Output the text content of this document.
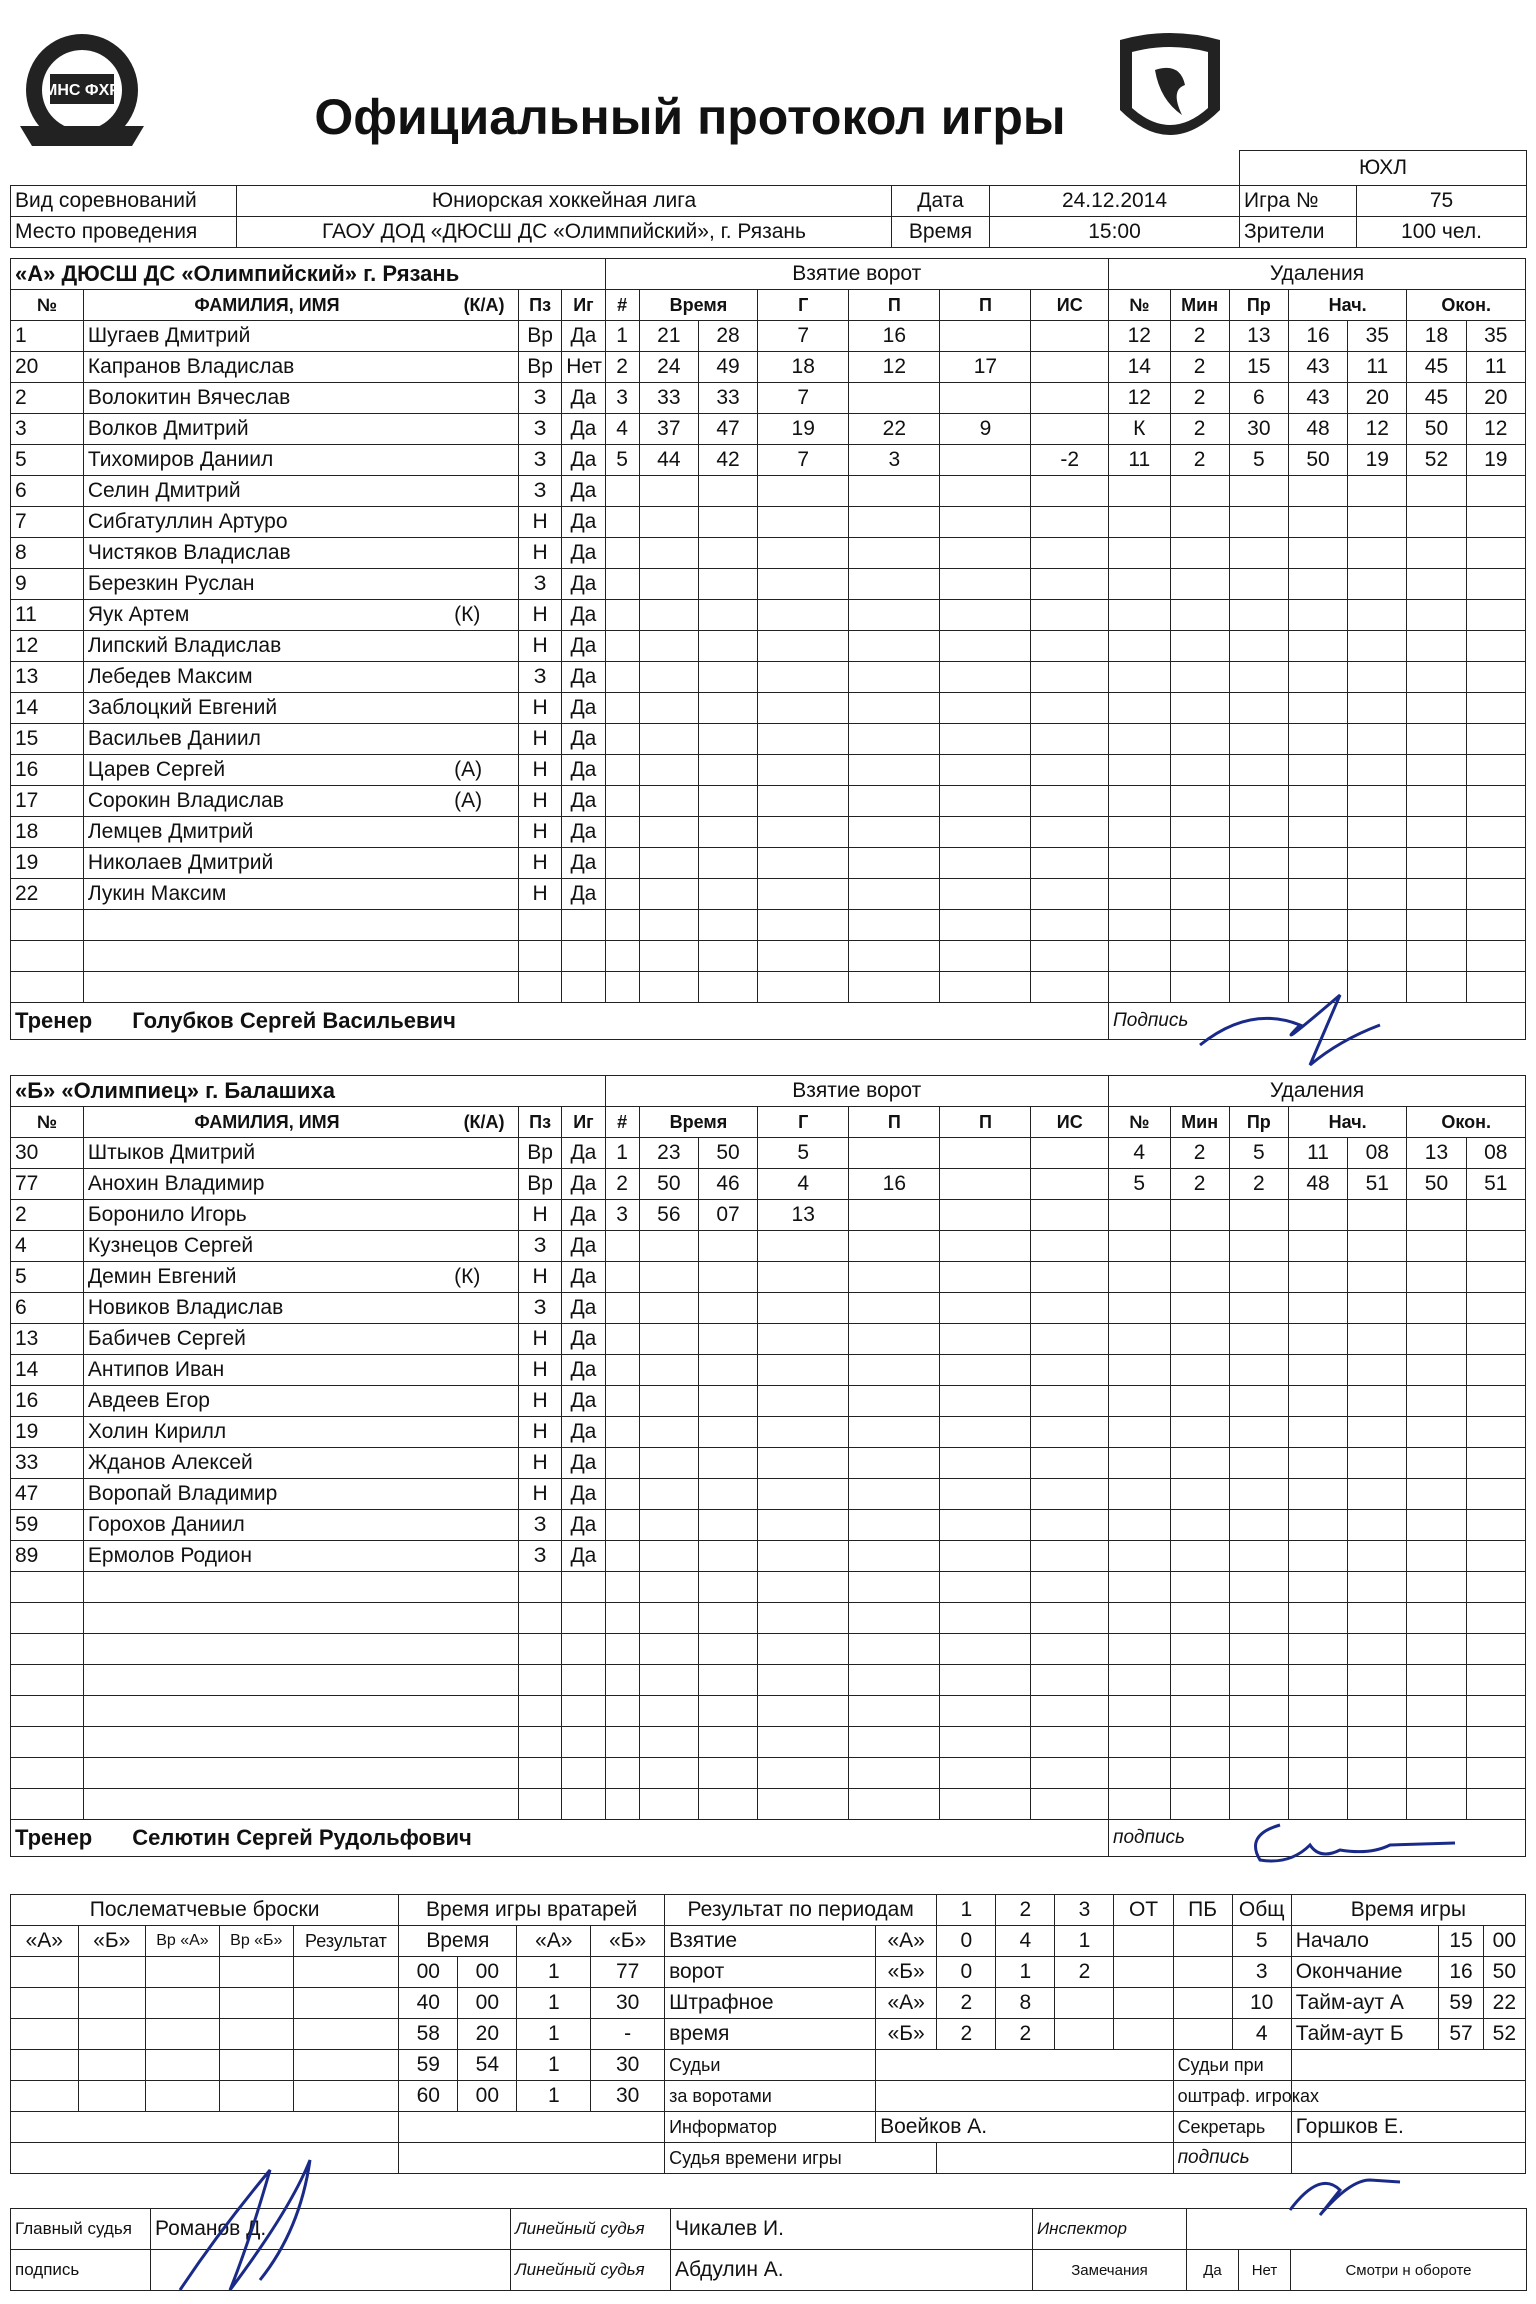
МНС ФХР	Официальный протокол игры
				ЮХЛ	
Вид соревнований	Юниорская хоккейная лига	Дата	24.12.2014	Игра №	75
Место проведения	ГАОУ ДОД «ДЮСШ ДС «Олимпийский», г. Рязань	Время	15:00	Зрители	100 чел.
«А» ДЮСШ ДС «Олимпийский» г. Рязань					Взятие ворот							Удаления						
№	ФАМИЛИЯ, ИМЯ	(К/А)	Пз	Иг	#	Время		Г	П	П	ИС	№	Мин	Пр	Нач.		Окон.	
1	Шугаев Дмитрий		Вр	Да	1	21	28	7	16			12	2	13	16	35	18	35
20	Капранов Владислав		Вр	Нет	2	24	49	18	12	17		14	2	15	43	11	45	11
2	Волокитин Вячеслав		З	Да	3	33	33	7				12	2	6	43	20	45	20
3	Волков Дмитрий		З	Да	4	37	47	19	22	9		К	2	30	48	12	50	12
5	Тихомиров Даниил		З	Да	5	44	42	7	3		-2	11	2	5	50	19	52	19
6	Селин Дмитрий		З	Да														
7	Сибгатуллин Артуро		Н	Да														
8	Чистяков Владислав		Н	Да														
9	Березкин Руслан		З	Да														
11	Яук Артем	(К)	Н	Да														
12	Липский Владислав		Н	Да														
13	Лебедев Максим		З	Да														
14	Заблоцкий Евгений		Н	Да														
15	Васильев Даниил		Н	Да														
16	Царев Сергей	(А)	Н	Да														
17	Сорокин Владислав	(А)	Н	Да														
18	Лемцев Дмитрий		Н	Да														
19	Николаев Дмитрий		Н	Да														
22	Лукин Максим		Н	Да														

Тренер Голубков Сергей Васильевич												Подпись						
«Б» «Олимпиец» г. Балашиха					Взятие ворот							Удаления						
№	ФАМИЛИЯ, ИМЯ	(К/А)	Пз	Иг	#	Время		Г	П	П	ИС	№	Мин	Пр	Нач.		Окон.	
30	Штыков Дмитрий		Вр	Да	1	23	50	5				4	2	5	11	08	13	08
77	Анохин Владимир		Вр	Да	2	50	46	4	16			5	2	2	48	51	50	51
2	Боронило Игорь		Н	Да	3	56	07	13										
4	Кузнецов Сергей		З	Да														
5	Демин Евгений	(К)	Н	Да														
6	Новиков Владислав		З	Да														
13	Бабичев Сергей		Н	Да														
14	Антипов Иван		Н	Да														
16	Авдеев Егор		Н	Да														
19	Холин Кирилл		Н	Да														
33	Жданов Алексей		Н	Да														
47	Воропай Владимир		Н	Да														
59	Горохов Даниил		З	Да														
89	Ермолов Родион		З	Да														

Тренер Селютин Сергей Рудольфович												подпись						
Послематчевые броски					Время игры вратарей				Результат по периодам		1	2	3	ОТ	ПБ	Общ	Время игры		
«А»	«Б»	Вр «А»	Вр «Б»	Результат	Время		«А»	«Б»	Взятие	«А»	0	4	1			5	Начало	15	00
					00	00	1	77	ворот	«Б»	0	1	2			3	Окончание	16	50
					40	00	1	30	Штрафное	«А»	2	8				10	Тайм-аут А	59	22
					58	20	1	-	время	«Б»	2	2				4	Тайм-аут Б	57	52
					59	54	1	30	Судьи						Судьи при				
					60	00	1	30	за воротами						оштраф. игроках				
									Информатор	Воейков А.					Секретарь		Горшков Е.		
									Судья времени игры						подпись				
Главный судья	Романов Д.	Линейный судья	Чикалев И.	Инспектор			
подпись		Линейный судья	Абдулин А.	Замечания	Да	Нет	Смотри н обороте
